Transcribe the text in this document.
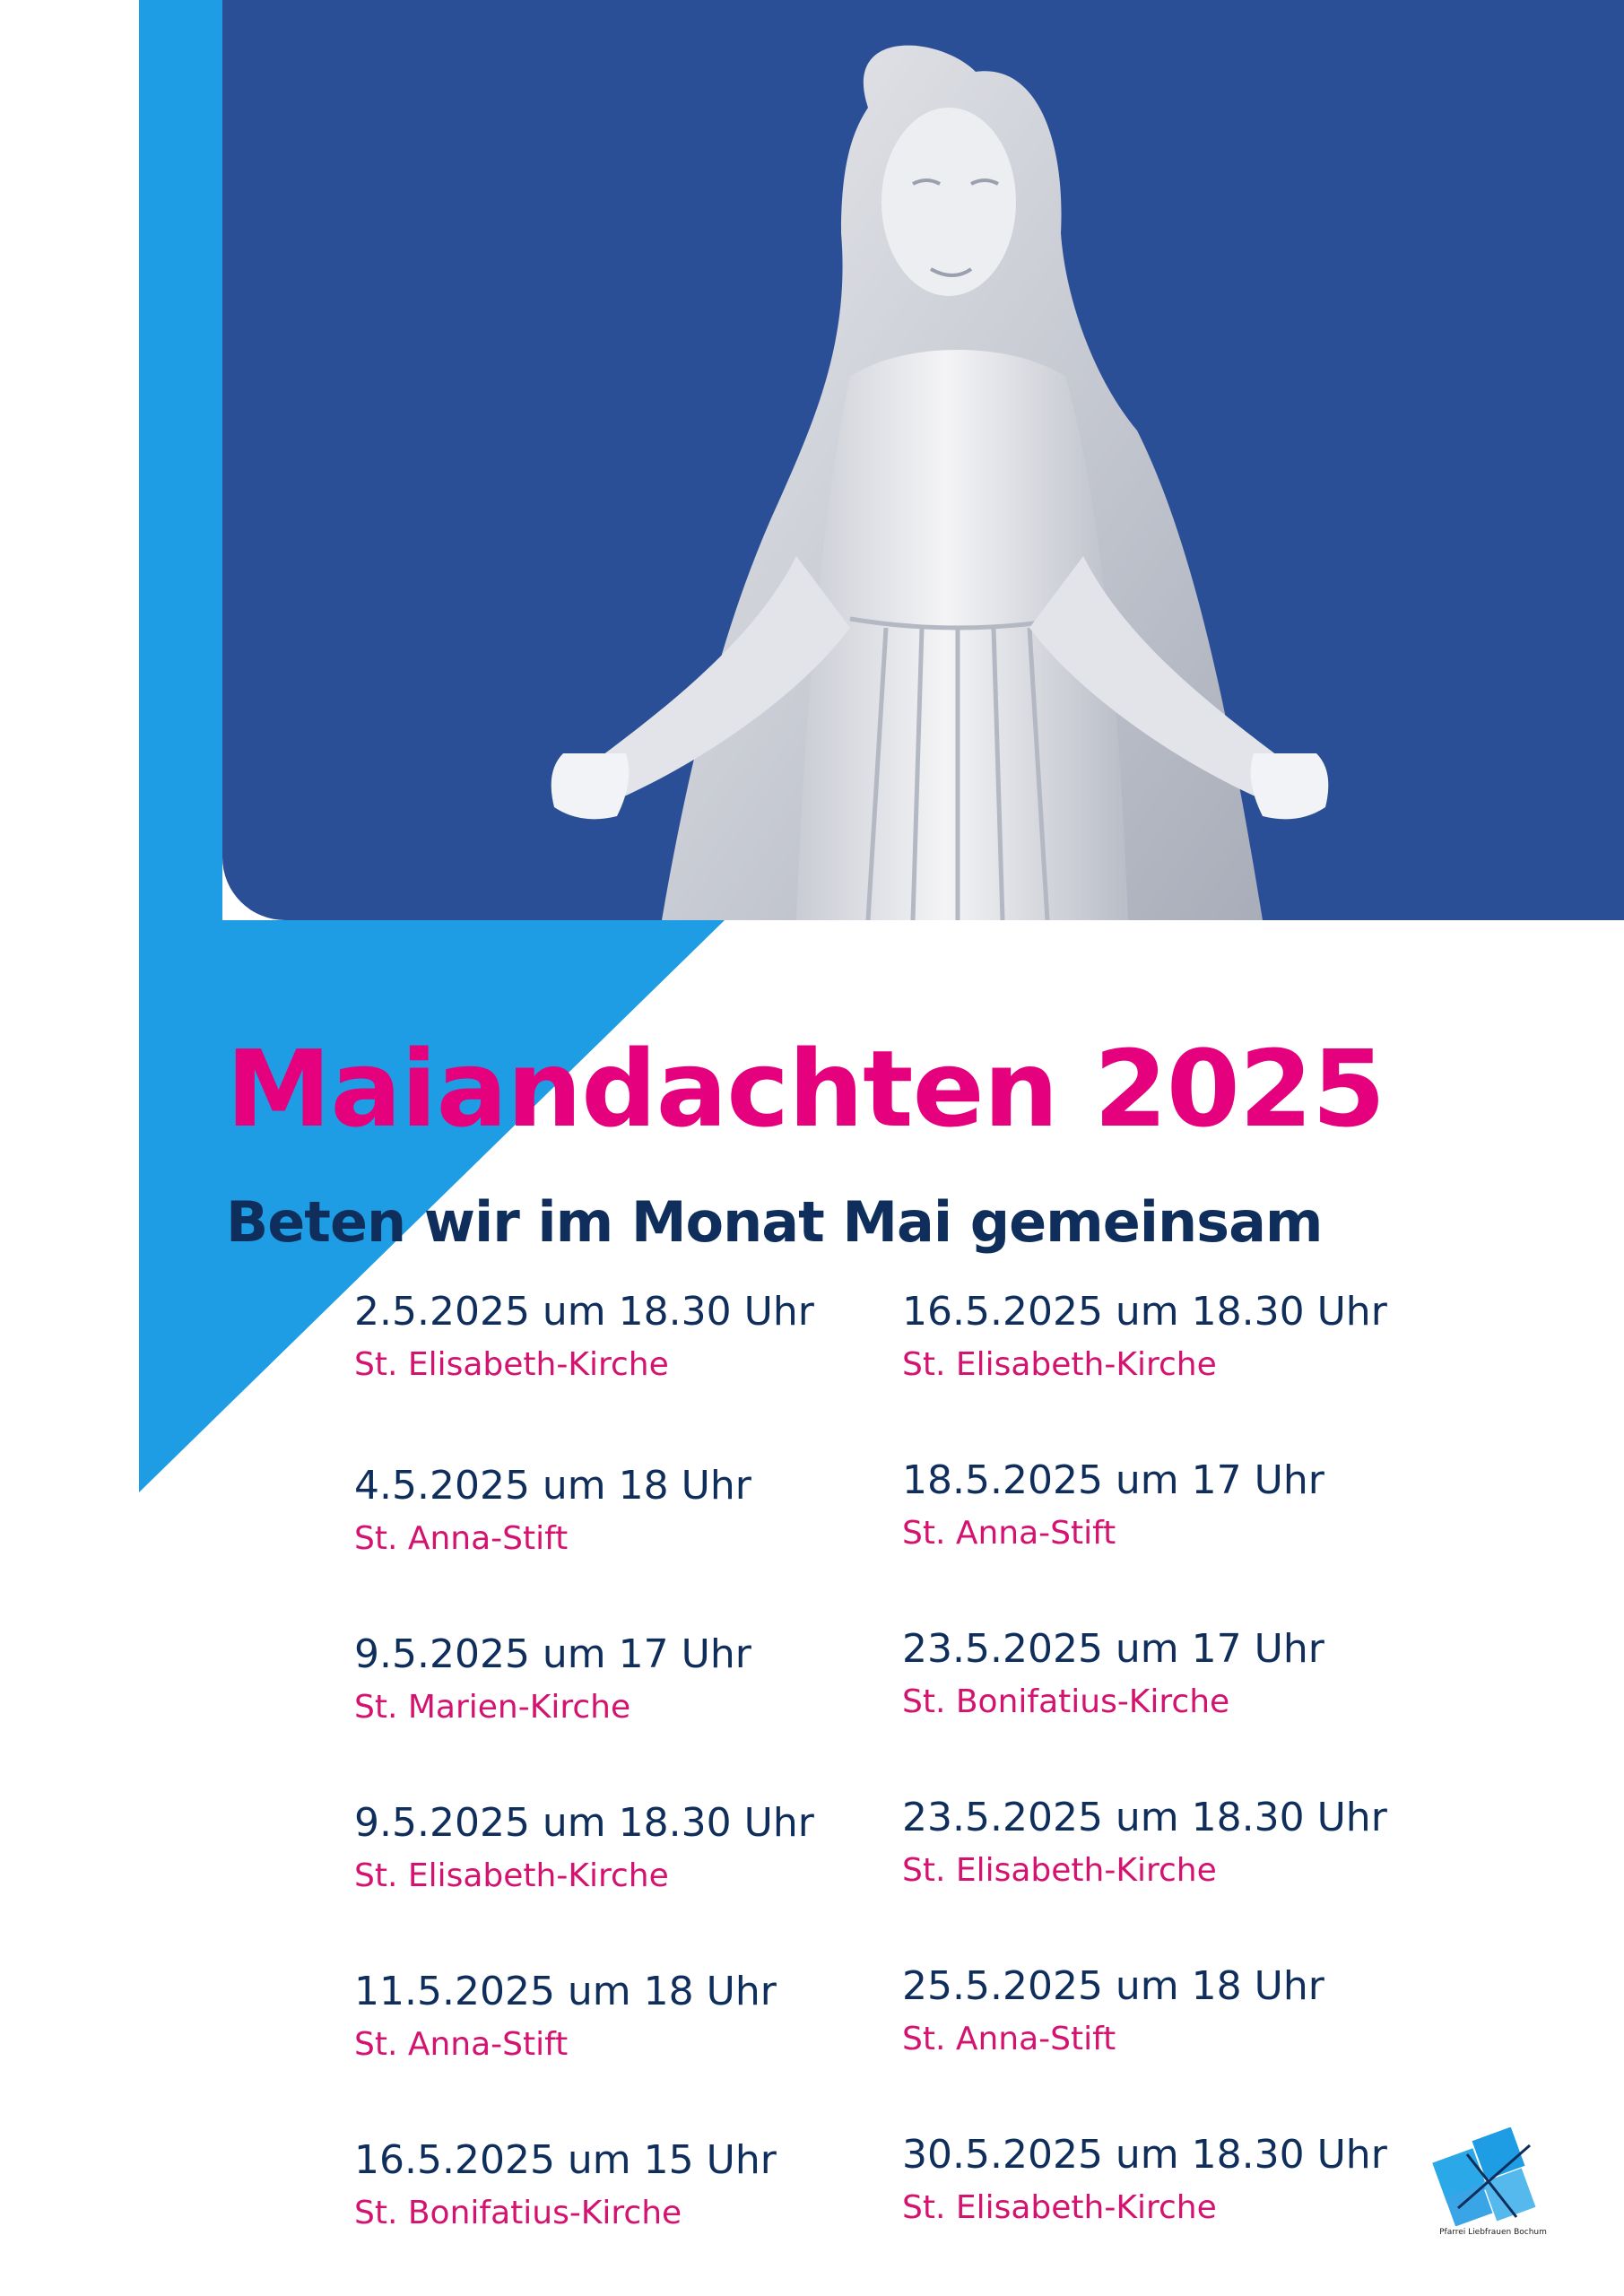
Maiandachten 2025
Beten wir im Monat Mai gemeinsam
2.5.2025 um 18.30 Uhr
St. Elisabeth-Kirche
4.5.2025 um 18 Uhr
St. Anna-Stift
9.5.2025 um 17 Uhr
St. Marien-Kirche
9.5.2025 um 18.30 Uhr
St. Elisabeth-Kirche
11.5.2025 um 18 Uhr
St. Anna-Stift
16.5.2025 um 15 Uhr
St. Bonifatius-Kirche
16.5.2025 um 18.30 Uhr
St. Elisabeth-Kirche
18.5.2025 um 17 Uhr
St. Anna-Stift
23.5.2025 um 17 Uhr
St. Bonifatius-Kirche
23.5.2025 um 18.30 Uhr
St. Elisabeth-Kirche
25.5.2025 um 18 Uhr
St. Anna-Stift
30.5.2025 um 18.30 Uhr
St. Elisabeth-Kirche
Pfarrei Liebfrauen Bochum
